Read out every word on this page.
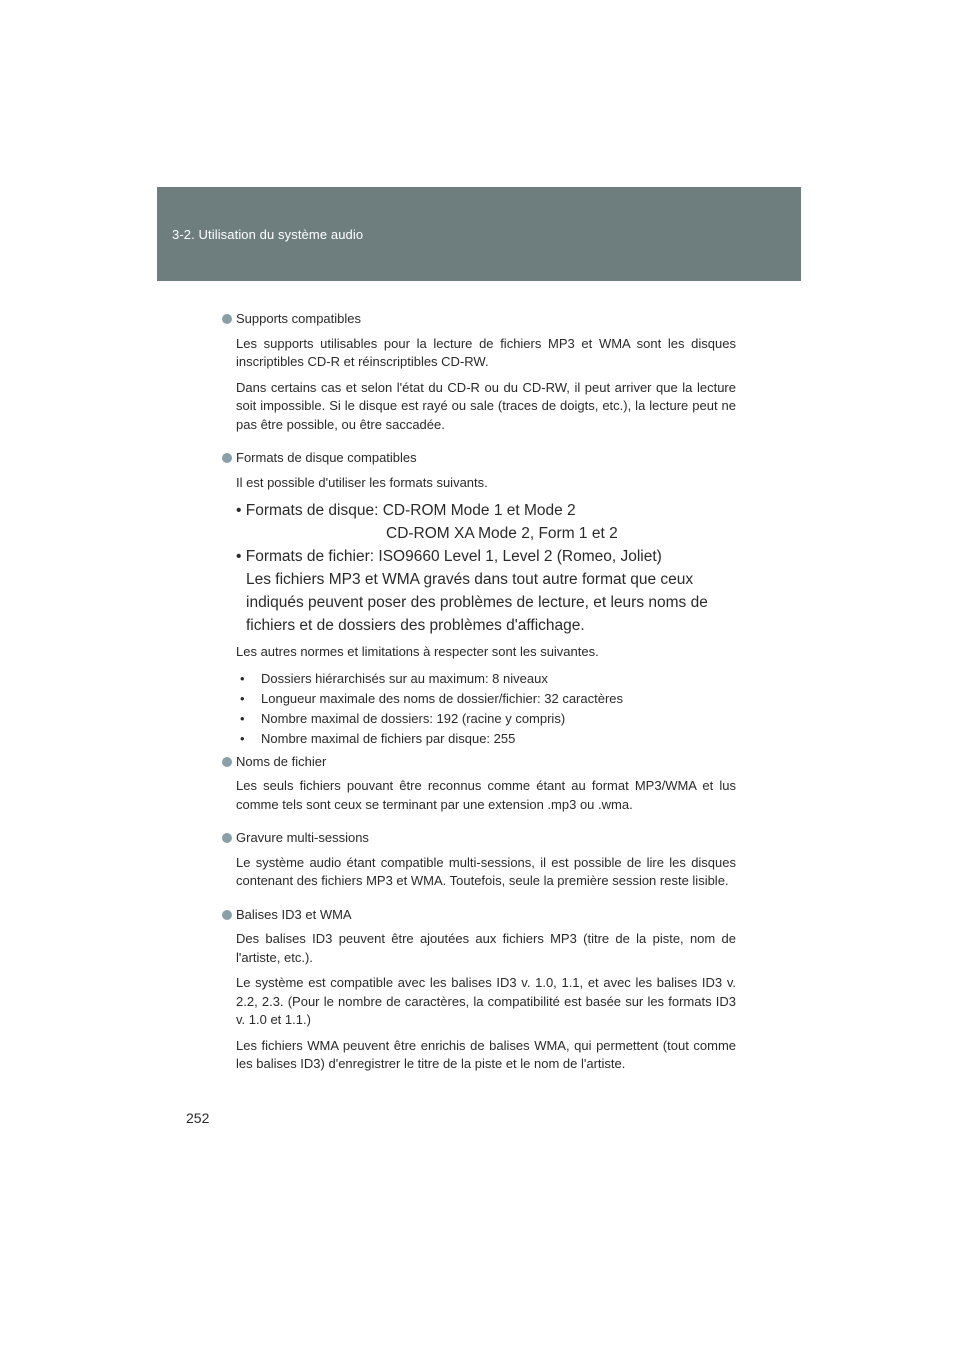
3-2. Utilisation du système audio
Supports compatibles

Les supports utilisables pour la lecture de fichiers MP3 et WMA sont les disques inscriptibles CD-R et réinscriptibles CD-RW.

Dans certains cas et selon l'état du CD-R ou du CD-RW, il peut arriver que la lecture soit impossible. Si le disque est rayé ou sale (traces de doigts, etc.), la lecture peut ne pas être possible, ou être saccadée.

Formats de disque compatibles

Il est possible d'utiliser les formats suivants.

• Formats de disque:
CD-ROM Mode 1 et Mode 2
CD-ROM XA Mode 2, Form 1 et 2
• Formats de fichier: ISO9660 Level 1, Level 2 (Romeo, Joliet)
Les fichiers MP3 et WMA gravés dans tout autre format que ceux indiqués peuvent poser des problèmes de lecture, et leurs noms de fichiers et de dossiers des problèmes d'affichage.

Les autres normes et limitations à respecter sont les suivantes.

• Dossiers hiérarchisés sur au maximum: 8 niveaux
• Longueur maximale des noms de dossier/fichier: 32 caractères
• Nombre maximal de dossiers: 192 (racine y compris)
• Nombre maximal de fichiers par disque: 255
Noms de fichier

Les seuls fichiers pouvant être reconnus comme étant au format MP3/WMA et lus comme tels sont ceux se terminant par une extension .mp3 ou .wma.

Gravure multi-sessions

Le système audio étant compatible multi-sessions, il est possible de lire les disques contenant des fichiers MP3 et WMA. Toutefois, seule la première session reste lisible.

Balises ID3 et WMA

Des balises ID3 peuvent être ajoutées aux fichiers MP3 (titre de la piste, nom de l'artiste, etc.).

Le système est compatible avec les balises ID3 v. 1.0, 1.1, et avec les balises ID3 v. 2.2, 2.3. (Pour le nombre de caractères, la compatibilité est basée sur les formats ID3 v. 1.0 et 1.1.)

Les fichiers WMA peuvent être enrichis de balises WMA, qui permettent (tout comme les balises ID3) d'enregistrer le titre de la piste et le nom de l'artiste.

252
